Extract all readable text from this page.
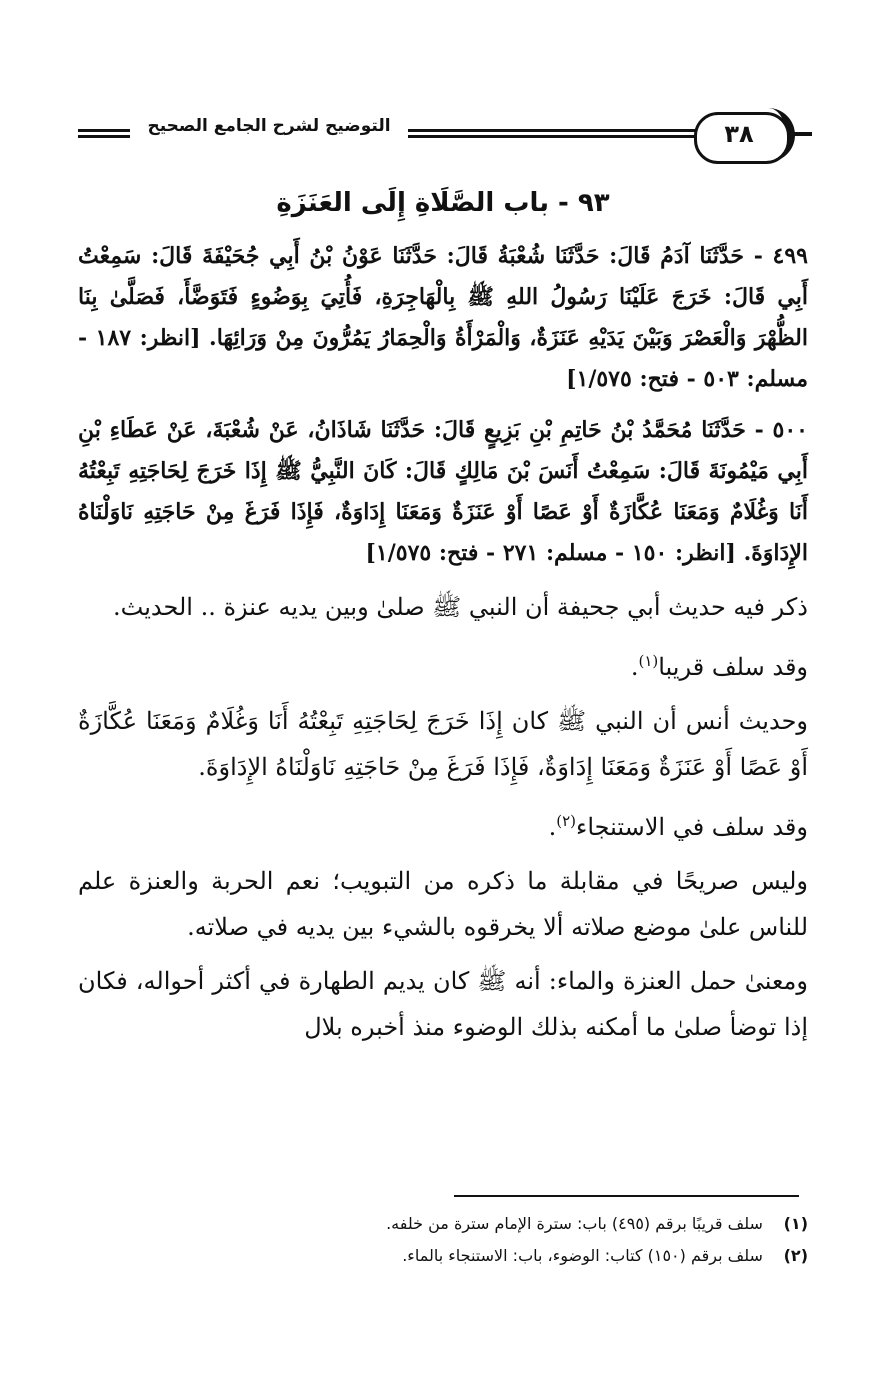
التوضيح لشرح الجامع الصحيح	٣٨
٩٣ - باب الصَّلَاةِ إِلَى العَنَزَةِ

٤٩٩ - حَدَّثَنَا آدَمُ قَالَ: حَدَّثَنَا شُعْبَةُ قَالَ: حَدَّثَنَا عَوْنُ بْنُ أَبِي جُحَيْفَةَ قَالَ: سَمِعْتُ أَبِي قَالَ: خَرَجَ عَلَيْنَا رَسُولُ اللهِ ﷺ بِالْهَاجِرَةِ، فَأُتِيَ بِوَضُوءٍ فَتَوَضَّأَ، فَصَلَّىٰ بِنَا الظُّهْرَ وَالْعَصْرَ وَبَيْنَ يَدَيْهِ عَنَزَةٌ، وَالْمَرْأَةُ وَالْحِمَارُ يَمُرُّونَ مِنْ وَرَائِهَا. [انظر: ١٨٧ - مسلم: ٥٠٣ - فتح: ١/٥٧٥]

٥٠٠ - حَدَّثَنَا مُحَمَّدُ بْنُ حَاتِمِ بْنِ بَزِيعٍ قَالَ: حَدَّثَنَا شَاذَانُ، عَنْ شُعْبَةَ، عَنْ عَطَاءِ بْنِ أَبِي مَيْمُونَةَ قَالَ: سَمِعْتُ أَنَسَ بْنَ مَالِكٍ قَالَ: كَانَ النَّبِيُّ ﷺ إِذَا خَرَجَ لِحَاجَتِهِ تَبِعْتُهُ أَنَا وَغُلَامٌ وَمَعَنَا عُكَّازَةٌ أَوْ عَصًا أَوْ عَنَزَةٌ وَمَعَنَا إِدَاوَةٌ، فَإِذَا فَرَغَ مِنْ حَاجَتِهِ نَاوَلْنَاهُ الإِدَاوَةَ. [انظر: ١٥٠ - مسلم: ٢٧١ - فتح: ١/٥٧٥]

ذكر فيه حديث أبي جحيفة أن النبي ﷺ صلىٰ وبين يديه عنزة .. الحديث.

وقد سلف قريبا$^{(١)}$.

وحديث أنس أن النبي ﷺ كان إِذَا خَرَجَ لِحَاجَتِهِ تَبِعْتُهُ أَنَا وَغُلَامٌ وَمَعَنَا عُكَّازَةٌ أَوْ عَصًا أَوْ عَنَزَةٌ وَمَعَنَا إِدَاوَةٌ، فَإِذَا فَرَغَ مِنْ حَاجَتِهِ نَاوَلْنَاهُ الإِدَاوَةَ.

وقد سلف في الاستنجاء$^{(٢)}$.

وليس صريحًا في مقابلة ما ذكره من التبويب؛ نعم الحربة والعنزة علم للناس علىٰ موضع صلاته ألا يخرقوه بالشيء بين يديه في صلاته.

ومعنىٰ حمل العنزة والماء: أنه ﷺ كان يديم الطهارة في أكثر أحواله، فكان إذا توضأ صلىٰ ما أمكنه بذلك الوضوء منذ أخبره بلال

(١) سلف قريبًا برقم (٤٩٥) باب: سترة الإمام سترة من خلفه.
(٢) سلف برقم (١٥٠) كتاب: الوضوء، باب: الاستنجاء بالماء.
